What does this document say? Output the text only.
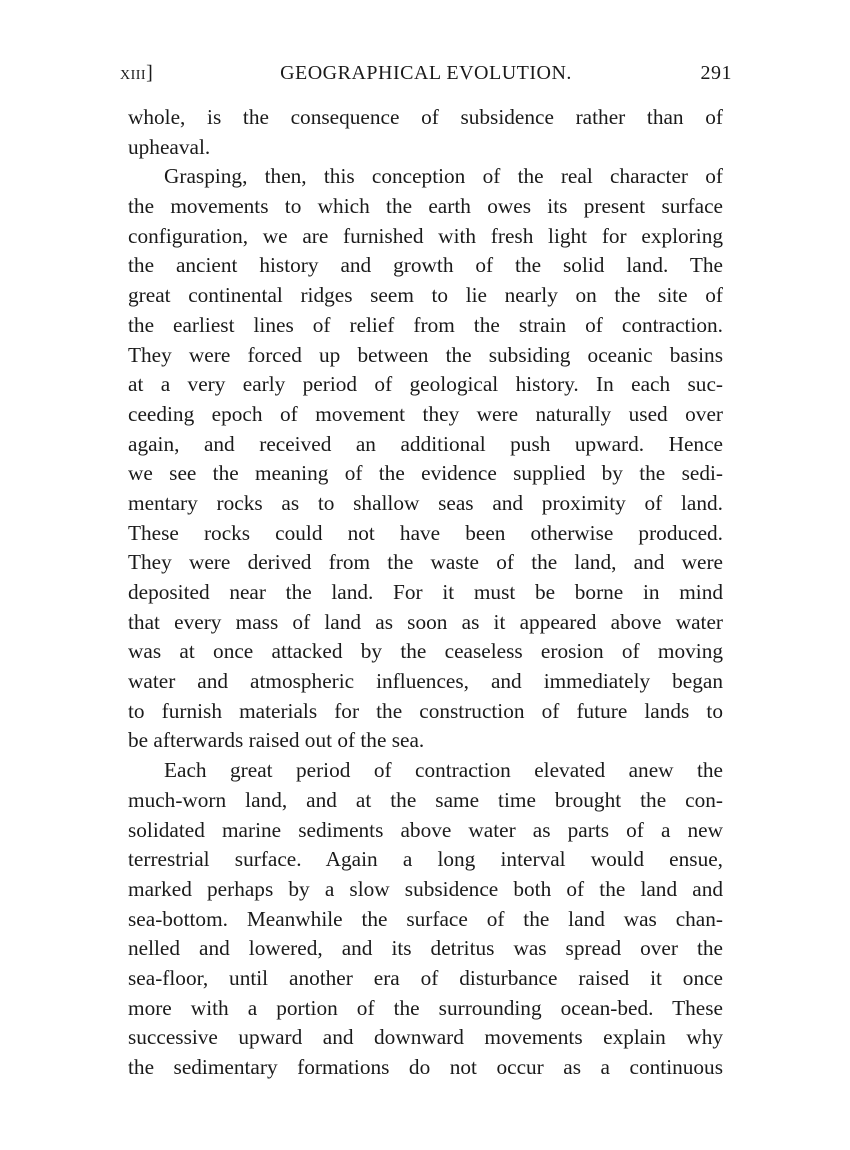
xiii]	GEOGRAPHICAL EVOLUTION.	291
whole, is the consequence of subsidence rather than of
upheaval.
Grasping, then, this conception of the real character of
the movements to which the earth owes its present surface
configuration, we are furnished with fresh light for exploring
the ancient history and growth of the solid land. The
great continental ridges seem to lie nearly on the site of
the earliest lines of relief from the strain of contraction.
They were forced up between the subsiding oceanic basins
at a very early period of geological history. In each suc-
ceeding epoch of movement they were naturally used over
again, and received an additional push upward. Hence
we see the meaning of the evidence supplied by the sedi-
mentary rocks as to shallow seas and proximity of land.
These rocks could not have been otherwise produced.
They were derived from the waste of the land, and were
deposited near the land. For it must be borne in mind
that every mass of land as soon as it appeared above water
was at once attacked by the ceaseless erosion of moving
water and atmospheric influences, and immediately began
to furnish materials for the construction of future lands to
be afterwards raised out of the sea.
Each great period of contraction elevated anew the
much-worn land, and at the same time brought the con-
solidated marine sediments above water as parts of a new
terrestrial surface. Again a long interval would ensue,
marked perhaps by a slow subsidence both of the land and
sea-bottom. Meanwhile the surface of the land was chan-
nelled and lowered, and its detritus was spread over the
sea-floor, until another era of disturbance raised it once
more with a portion of the surrounding ocean-bed. These
successive upward and downward movements explain why
the sedimentary formations do not occur as a continuous
